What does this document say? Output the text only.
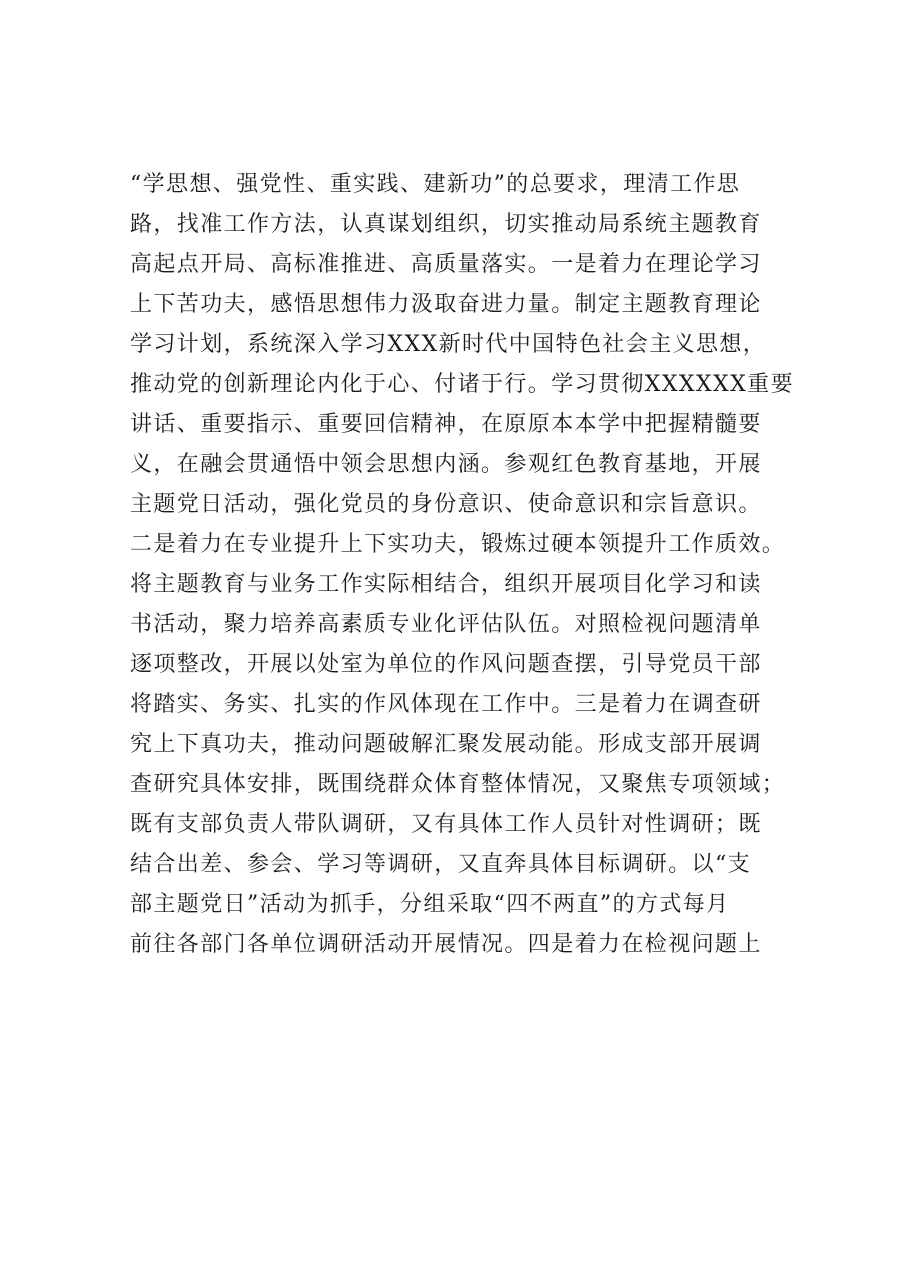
“学思想、强党性、重实践、建新功”的总要求，理清工作思
路，找准工作方法，认真谋划组织，切实推动局系统主题教育
高起点开局、高标准推进、高质量落实。一是着力在理论学习
上下苦功夫，感悟思想伟力汲取奋进力量。制定主题教育理论
学习计划，系统深入学习XXX新时代中国特色社会主义思想，
推动党的创新理论内化于心、付诸于行。学习贯彻XXXXXX重要
讲话、重要指示、重要回信精神，在原原本本学中把握精髓要
义，在融会贯通悟中领会思想内涵。参观红色教育基地，开展
主题党日活动，强化党员的身份意识、使命意识和宗旨意识。
二是着力在专业提升上下实功夫，锻炼过硬本领提升工作质效。
将主题教育与业务工作实际相结合，组织开展项目化学习和读
书活动，聚力培养高素质专业化评估队伍。对照检视问题清单
逐项整改，开展以处室为单位的作风问题查摆，引导党员干部
将踏实、务实、扎实的作风体现在工作中。三是着力在调查研
究上下真功夫，推动问题破解汇聚发展动能。形成支部开展调
查研究具体安排，既围绕群众体育整体情况，又聚焦专项领域；
既有支部负责人带队调研，又有具体工作人员针对性调研；既
结合出差、参会、学习等调研，又直奔具体目标调研。以“支
部主题党日”活动为抓手，分组采取“四不两直”的方式每月
前往各部门各单位调研活动开展情况。四是着力在检视问题上
